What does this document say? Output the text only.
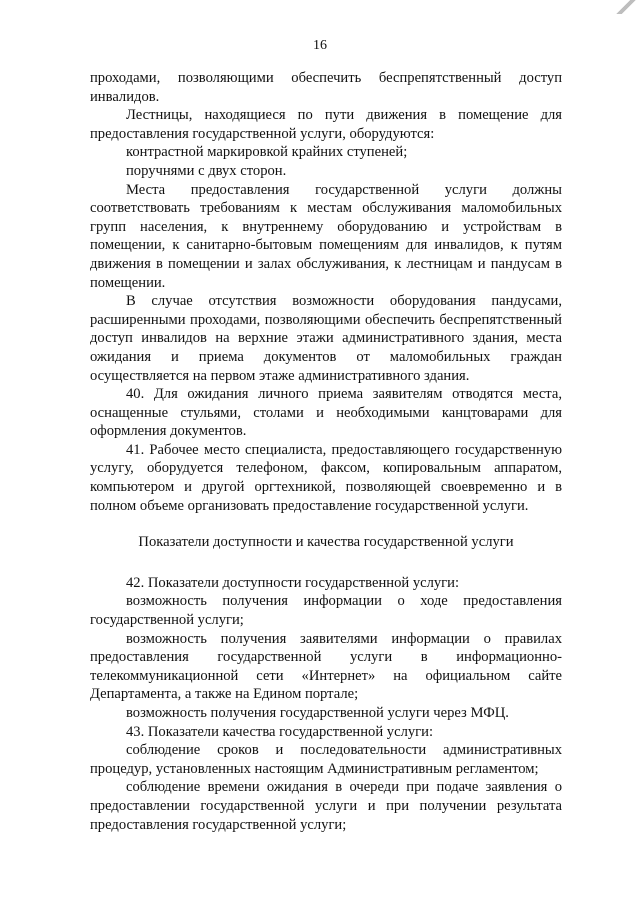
16

проходами, позволяющими обеспечить беспрепятственный доступ инвалидов.

Лестницы, находящиеся по пути движения в помещение для предоставления государственной услуги, оборудуются:

контрастной маркировкой крайних ступеней;

поручнями с двух сторон.

Места предоставления государственной услуги должны соответствовать требованиям к местам обслуживания маломобильных групп населения, к внутреннему оборудованию и устройствам в помещении, к санитарно-бытовым помещениям для инвалидов, к путям движения в помещении и залах обслуживания, к лестницам и пандусам в помещении.

В случае отсутствия возможности оборудования пандусами, расширенными проходами, позволяющими обеспечить беспрепятственный доступ инвалидов на верхние этажи административного здания, места ожидания и приема документов от маломобильных граждан осуществляется на первом этаже административного здания.

40. Для ожидания личного приема заявителям отводятся места, оснащенные стульями, столами и необходимыми канцтоварами для оформления документов.

41. Рабочее место специалиста, предоставляющего государственную услугу, оборудуется телефоном, факсом, копировальным аппаратом, компьютером и другой оргтехникой, позволяющей своевременно и в полном объеме организовать предоставление государственной услуги.

Показатели доступности и качества государственной услуги

42. Показатели доступности государственной услуги:

возможность получения информации о ходе предоставления государственной услуги;

возможность получения заявителями информации о правилах предоставления государственной услуги в информационно-телекоммуникационной сети «Интернет» на официальном сайте Департамента, а также на Едином портале;

возможность получения государственной услуги через МФЦ.

43. Показатели качества государственной услуги:

соблюдение сроков и последовательности административных процедур, установленных настоящим Административным регламентом;

соблюдение времени ожидания в очереди при подаче заявления о предоставлении государственной услуги и при получении результата предоставления государственной услуги;
